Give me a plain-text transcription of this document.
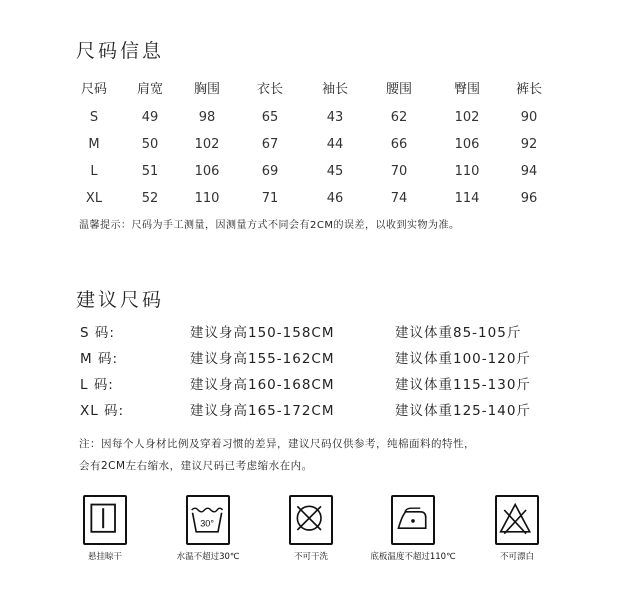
尺码信息
尺码	肩宽	胸围	衣长	袖长	腰围	臀围	裤长
S	49	98	65	43	62	102	90
M	50	102	67	44	66	106	92
L	51	106	69	45	70	110	94
XL	52	110	71	46	74	114	96
温馨提示：尺码为手工测量，因测量方式不同会有2CM的误差，以收到实物为准。
建议尺码
S 码:	建议身高150-158CM	建议体重85-105斤
M 码:	建议身高155-162CM	建议体重100-120斤
L 码:	建议身高160-168CM	建议体重115-130斤
XL 码:	建议身高165-172CM	建议体重125-140斤
注：因每个人身材比例及穿着习惯的差异，建议尺码仅供参考，纯棉面料的特性，
会有2CM左右缩水，建议尺码已考虑缩水在内。
悬挂晾干
30°
水温不超过30℃	不可干洗	底板温度不超过110℃	不可漂白
